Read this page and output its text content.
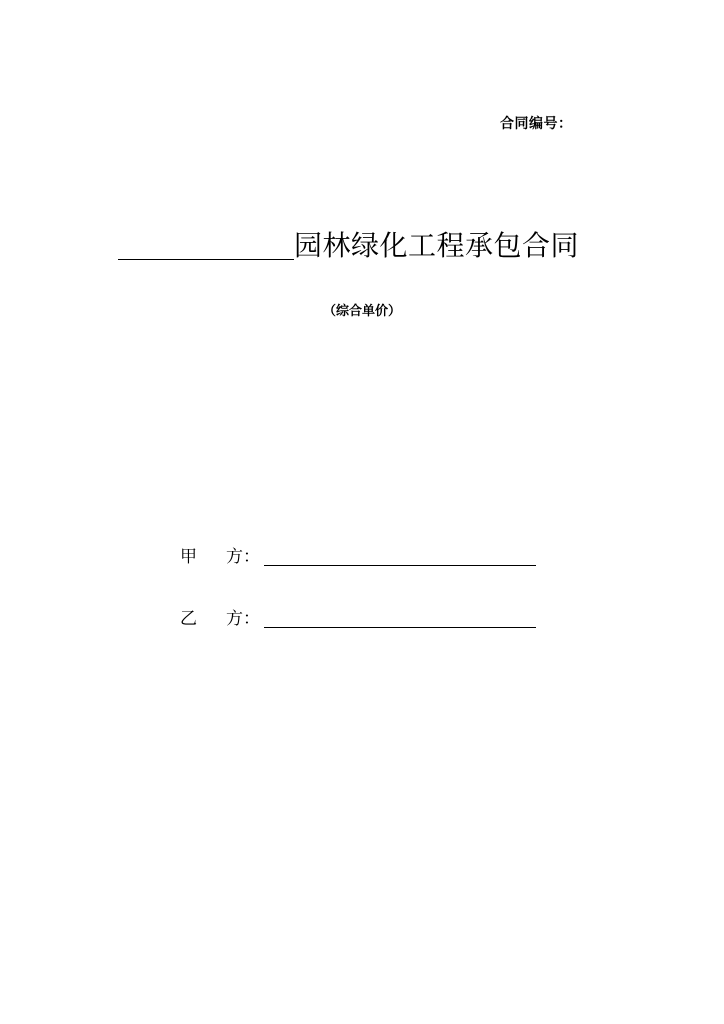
合同编号：
园林绿化工程承包合同
（综合单价）
甲 方：
乙 方：
